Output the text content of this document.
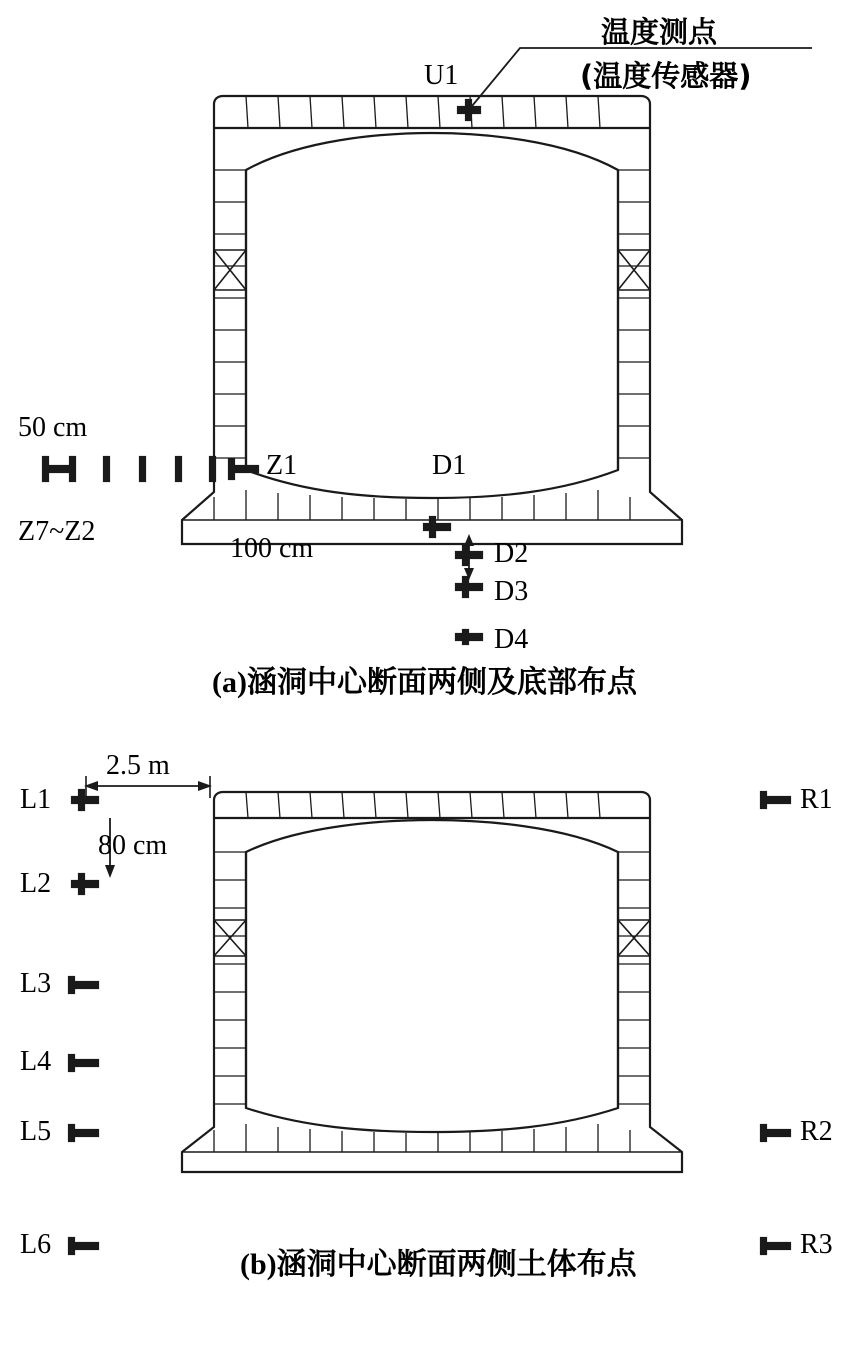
温度测点
(温度传感器)
U1
50 cm
Z7~Z2
Z1	D1
100 cm	D2
D3
D4
(a)涵洞中心断面两侧及底部布点
2.5 m
80 cm
L1
L2
L3
L4
L5
L6
R1
R2
R3
(b)涵洞中心断面两侧土体布点
